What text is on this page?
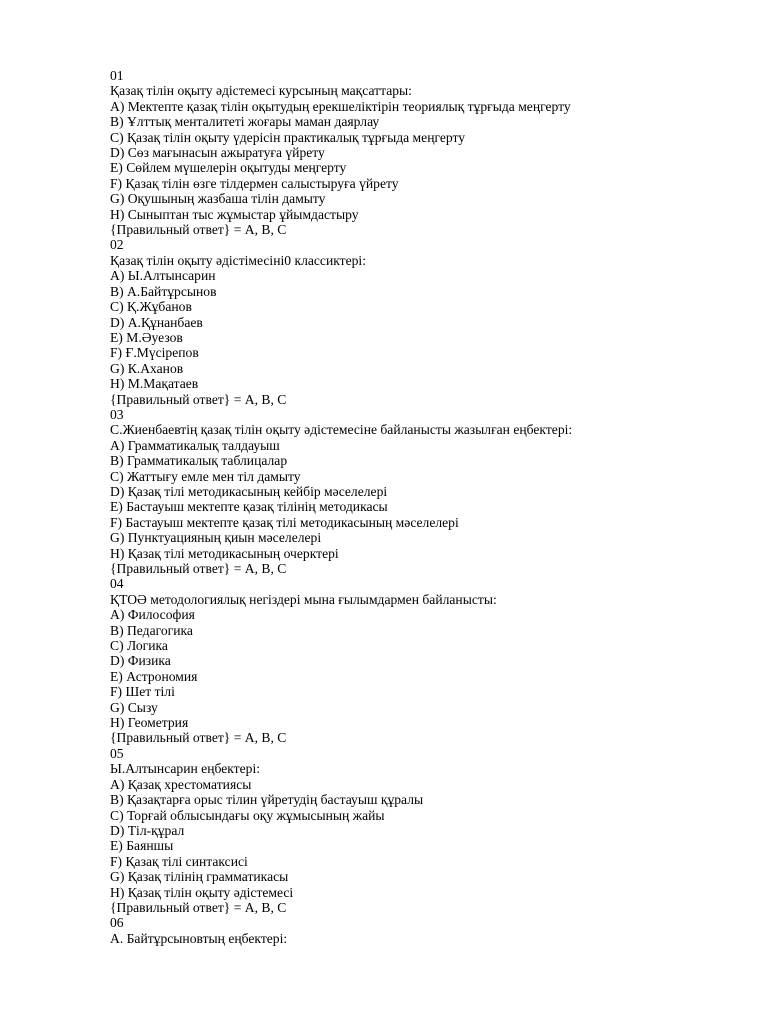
01
Қазақ тілін оқыту әдістемесі курсының мақсаттары:
A) Мектепте қазақ тілін оқытудың ерекшеліктірін теориялық тұрғыда меңгерту
B) Ұлттық менталитеті жоғары маман даярлау
C) Қазақ тілін оқыту үдерісін практикалық тұрғыда меңгерту
D) Сөз мағынасын ажыратуға үйрету
E) Сөйлем мүшелерін оқытуды меңгерту
F) Қазақ тілін өзге тілдермен салыстыруға үйрету
G) Оқушының жазбаша тілін дамыту
H) Сыныптан тыс жұмыстар ұйымдастыру
{Правильный ответ} = A, B, C
02
Қазақ тілін оқыту әдістімесіні0 классиктері:
A) Ы.Алтынсарин
B) А.Байтұрсынов
C) Қ.Жұбанов
D) А.Құнанбаев
E) М.Әуезов
F) Ғ.Мүсірепов
G) К.Аханов
H) М.Мақатаев
{Правильный ответ} = A, B, C
03
С.Жиенбаевтің қазақ тілін оқыту әдістемесіне байланысты жазылған еңбектері:
A) Грамматикалық талдауыш
B) Грамматикалық таблицалар
C) Жаттығу емле мен тіл дамыту
D) Қазақ тілі методикасының кейбір мәселелері
E) Бастауыш мектепте қазақ тілінің методикасы
F) Бастауыш мектепте қазақ тілі методикасының мәселелері
G) Пунктуацияның қиын мәселелері
H) Қазақ тілі методикасының очерктері
{Правильный ответ} = A, B, C
04
ҚТОӘ методологиялық негіздері мына ғылымдармен байланысты:
A) Философия
B) Педагогика
C) Логика
D) Физика
E) Астрономия
F) Шет тілі
G) Сызу
H) Геометрия
{Правильный ответ} = A, B, C
05
Ы.Алтынсарин еңбектері:
A) Қазақ хрестоматиясы
B) Қазақтарға орыс тілин үйретудің бастауыш құралы
C) Торғай облысындағы оқу жұмысының жайы
D) Тіл-құрал
E) Баяншы
F) Қазақ тілі синтаксисі
G) Қазақ тілінің грамматикасы
H) Қазақ тілін оқыту әдістемесі
{Правильный ответ} = A, B, C
06
А. Байтұрсыновтың еңбектері:
